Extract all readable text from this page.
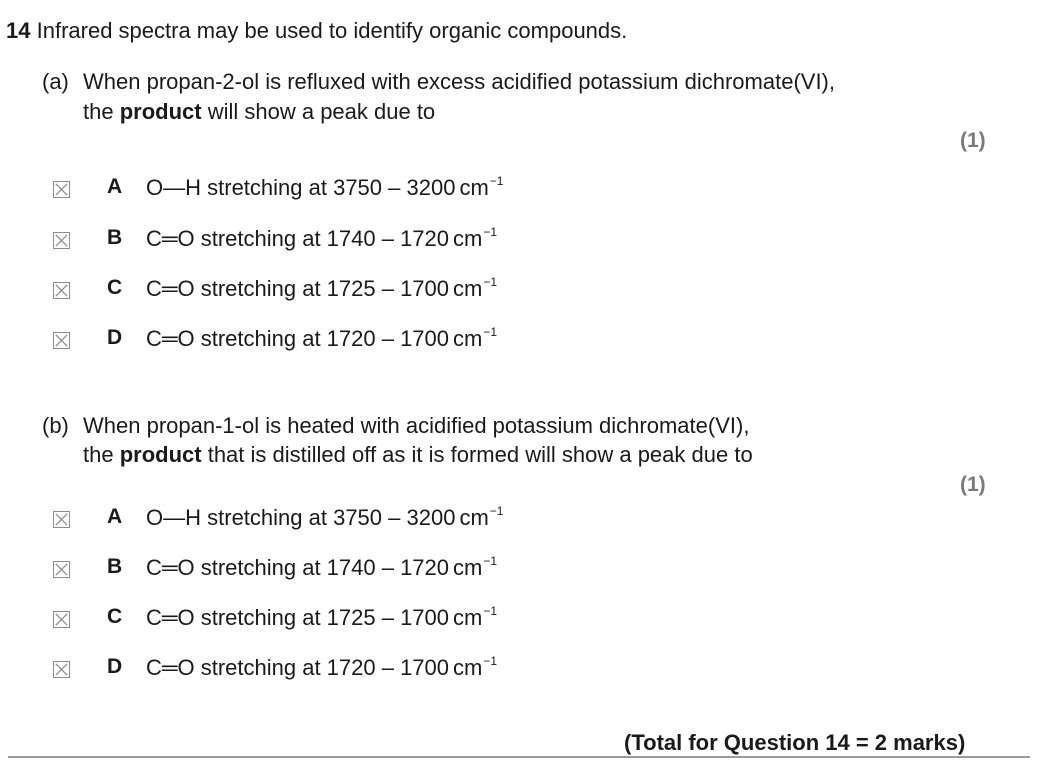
14 Infrared spectra may be used to identify organic compounds.
(a) When propan-2-ol is refluxed with excess acidified potassium dichromate(VI),
the product will show a peak due to
(1)
A O—H stretching at 3750 – 3200 $cm^{-1}$
B C═O stretching at 1740 – 1720 $cm^{-1}$
C C═O stretching at 1725 – 1700 $cm^{-1}$
D C═O stretching at 1720 – 1700 $cm^{-1}$
(b) When propan-1-ol is heated with acidified potassium dichromate(VI),
the product that is distilled off as it is formed will show a peak due to
(1)
A O—H stretching at 3750 – 3200 $cm^{-1}$
B C═O stretching at 1740 – 1720 $cm^{-1}$
C C═O stretching at 1725 – 1700 $cm^{-1}$
D C═O stretching at 1720 – 1700 $cm^{-1}$
(Total for Question 14 = 2 marks)
